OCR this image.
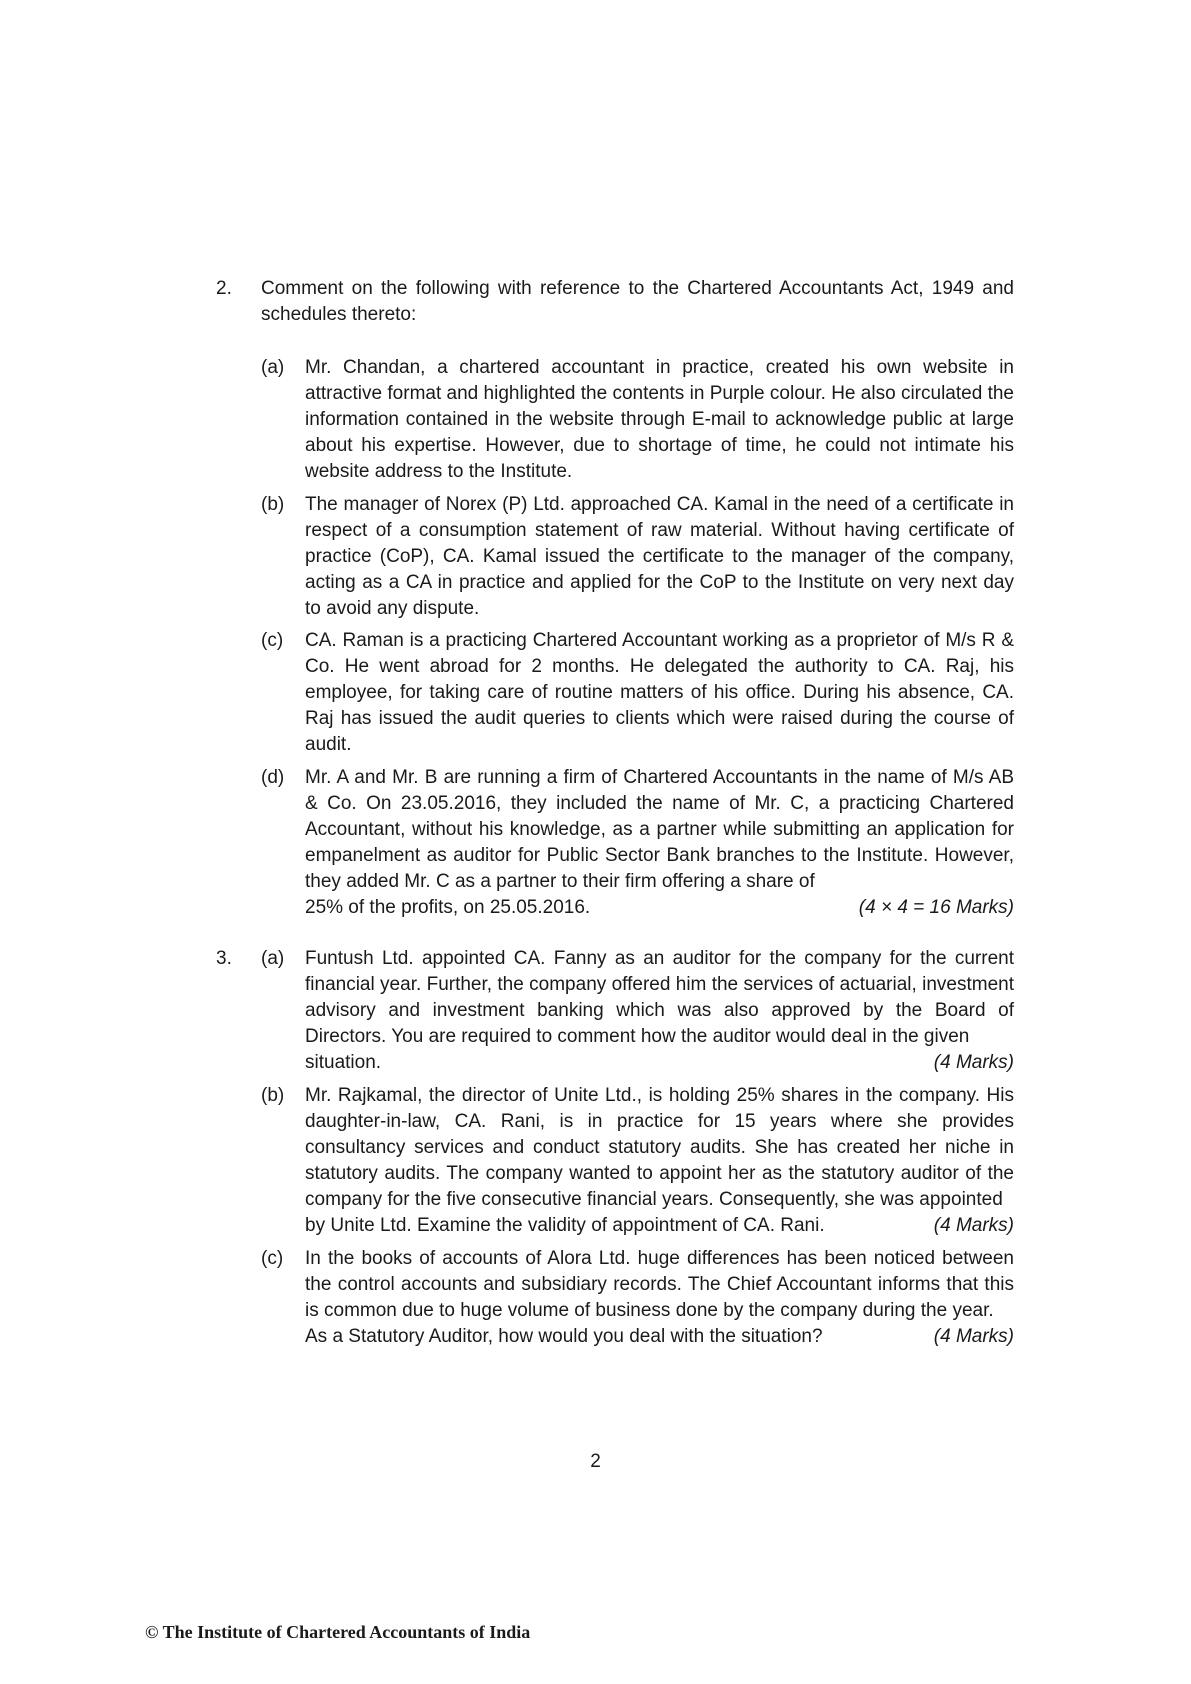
2. Comment on the following with reference to the Chartered Accountants Act, 1949 and schedules thereto:
(a) Mr. Chandan, a chartered accountant in practice, created his own website in attractive format and highlighted the contents in Purple colour. He also circulated the information contained in the website through E-mail to acknowledge public at large about his expertise. However, due to shortage of time, he could not intimate his website address to the Institute.
(b) The manager of Norex (P) Ltd. approached CA. Kamal in the need of a certificate in respect of a consumption statement of raw material. Without having certificate of practice (CoP), CA. Kamal issued the certificate to the manager of the company, acting as a CA in practice and applied for the CoP to the Institute on very next day to avoid any dispute.
(c) CA. Raman is a practicing Chartered Accountant working as a proprietor of M/s R & Co. He went abroad for 2 months. He delegated the authority to CA. Raj, his employee, for taking care of routine matters of his office. During his absence, CA. Raj has issued the audit queries to clients which were raised during the course of audit.
(d) Mr. A and Mr. B are running a firm of Chartered Accountants in the name of M/s AB & Co. On 23.05.2016, they included the name of Mr. C, a practicing Chartered Accountant, without his knowledge, as a partner while submitting an application for empanelment as auditor for Public Sector Bank branches to the Institute. However, they added Mr. C as a partner to their firm offering a share of
25% of the profits, on 25.05.2016.	(4 × 4 = 16 Marks)
3. (a) Funtush Ltd. appointed CA. Fanny as an auditor for the company for the current financial year. Further, the company offered him the services of actuarial, investment advisory and investment banking which was also approved by the Board of Directors. You are required to comment how the auditor would deal in the given
situation.	(4 Marks)
(b) Mr. Rajkamal, the director of Unite Ltd., is holding 25% shares in the company. His daughter-in-law, CA. Rani, is in practice for 15 years where she provides consultancy services and conduct statutory audits. She has created her niche in statutory audits. The company wanted to appoint her as the statutory auditor of the company for the five consecutive financial years. Consequently, she was appointed
by Unite Ltd. Examine the validity of appointment of CA. Rani.	(4 Marks)
(c) In the books of accounts of Alora Ltd. huge differences has been noticed between the control accounts and subsidiary records. The Chief Accountant informs that this is common due to huge volume of business done by the company during the year.
As a Statutory Auditor, how would you deal with the situation?	(4 Marks)
2
© The Institute of Chartered Accountants of India
